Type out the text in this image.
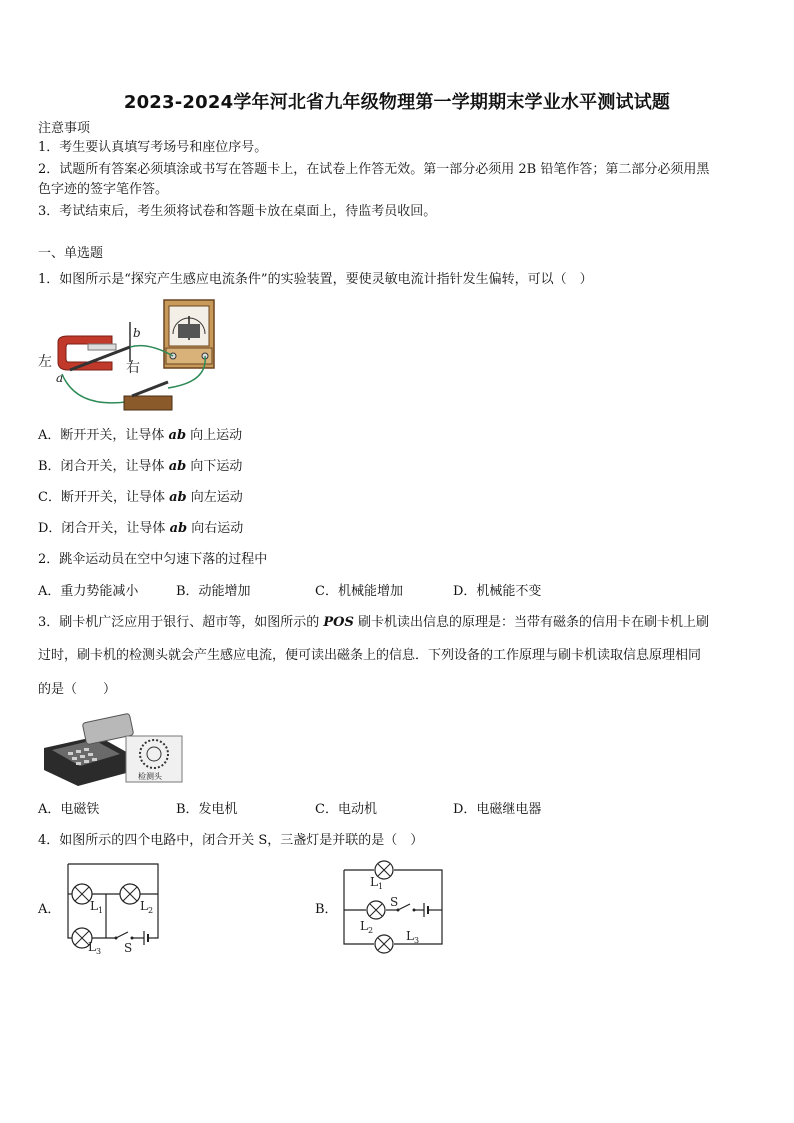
2023-2024学年河北省九年级物理第一学期期末学业水平测试试题
注意事项
1．考生要认真填写考场号和座位序号。
2．试题所有答案必须填涂或书写在答题卡上，在试卷上作答无效。第一部分必须用 2B 铅笔作答；第二部分必须用黑
色字迹的签字笔作答。
3．考试结束后，考生须将试卷和答题卡放在桌面上，待监考员收回。
一、单选题
1．如图所示是“探究产生感应电流条件”的实验装置，要使灵敏电流计指针发生偏转，可以（　）
左	右
a
b
A．断开开关，让导体 ab 向上运动
B．闭合开关，让导体 ab 向下运动
C．断开开关，让导体 ab 向左运动
D．闭合开关，让导体 ab 向右运动
2．跳伞运动员在空中匀速下落的过程中
A．重力势能减小	B．动能增加	C．机械能增加	D．机械能不变
3．刷卡机广泛应用于银行、超市等，如图所示的 POS 刷卡机读出信息的原理是：当带有磁条的信用卡在刷卡机上刷
过时，刷卡机的检测头就会产生感应电流，便可读出磁条上的信息．下列设备的工作原理与刷卡机读取信息原理相同
的是（　　）
检测头
A．电磁铁	B．发电机	C．电动机	D．电磁继电器
4．如图所示的四个电路中，闭合开关 S，三盏灯是并联的是（　）
A． $L_1$	$L_2$
$L_3$ S
B．
$L_1$
$L_2$	$L_3$
S
